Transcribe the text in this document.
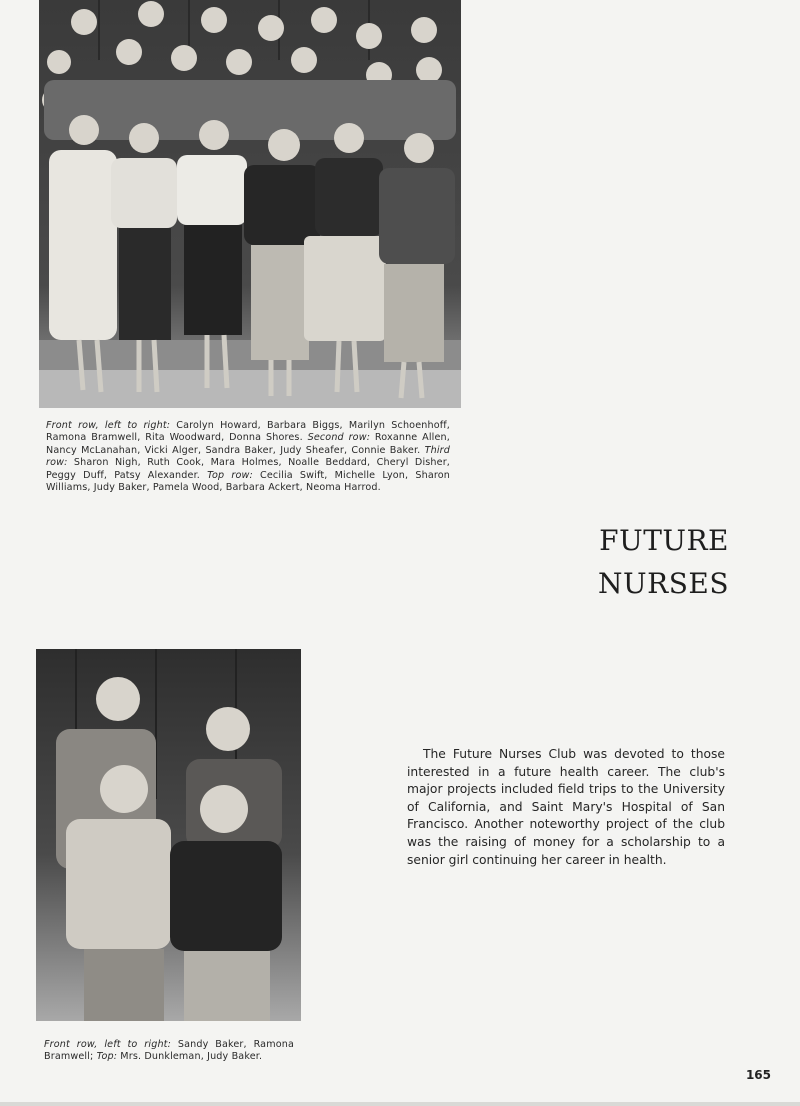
Front row, left to right: Carolyn Howard, Barbara Biggs, Marilyn Schoenhoff, Ramona Bramwell, Rita Woodward, Donna Shores. Second row: Roxanne Allen, Nancy McLanahan, Vicki Alger, Sandra Baker, Judy Sheafer, Connie Baker. Third row: Sharon Nigh, Ruth Cook, Mara Holmes, Noalle Beddard, Cheryl Disher, Peggy Duff, Patsy Alexander. Top row: Cecilia Swift, Michelle Lyon, Sharon Williams, Judy Baker, Pamela Wood, Barbara Ackert, Neoma Harrod.
FUTURE
NURSES
Front row, left to right: Sandy Baker, Ramona Bramwell; Top: Mrs. Dunkleman, Judy Baker.
The Future Nurses Club was devoted to those interested in a future health career. The club's major projects included field trips to the University of California, and Saint Mary's Hospital of San Francisco. Another noteworthy project of the club was the raising of money for a scholarship to a senior girl continuing her career in health.
165
